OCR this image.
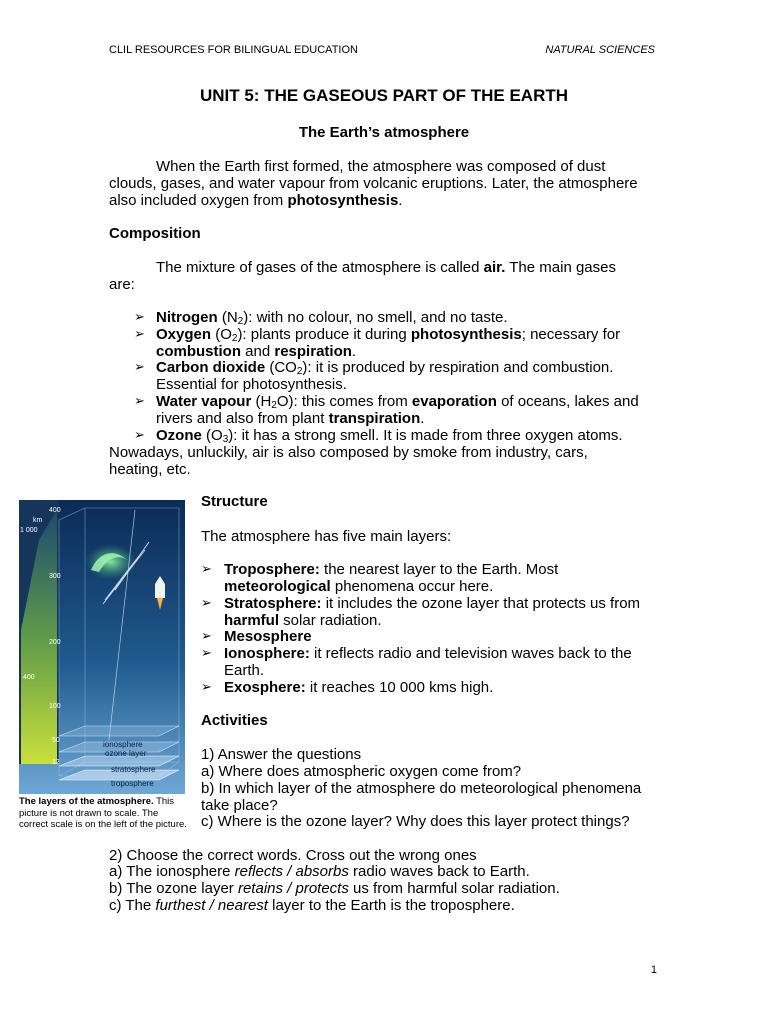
CLIL RESOURCES FOR BILINGUAL EDUCATION	NATURAL SCIENCES
UNIT 5: THE GASEOUS PART OF THE EARTH
The Earth’s atmosphere
When the Earth first formed, the atmosphere was composed of dust
clouds, gases, and water vapour from volcanic eruptions. Later, the atmosphere
also included oxygen from photosynthesis.
Composition
The mixture of gases of the atmosphere is called air. The main gases
are:
➢ Nitrogen $(N_2)$: with no colour, no smell, and no taste.
➢ Oxygen $(O_2)$: plants produce it during photosynthesis; necessary for
combustion and respiration.
➢ Carbon dioxide $(CO_2)$: it is produced by respiration and combustion.
Essential for photosynthesis.
➢ Water vapour $(H_2O)$: this comes from evaporation of oceans, lakes and
rivers and also from plant transpiration.
➢ Ozone $(O_3)$: it has a strong smell. It is made from three oxygen atoms.
Nowadays, unluckily, air is also composed by smoke from industry, cars,
heating, etc.
400
km
1 000
300
200
400
100
50
12
ionosphere
ozone layer
stratosphere
troposphere
The layers of the atmosphere. This picture is not drawn to scale. The correct scale is on the left of the picture.
Structure
The atmosphere has five main layers:
➢ Troposphere: the nearest layer to the Earth. Most
meteorological phenomena occur here.
➢ Stratosphere: it includes the ozone layer that protects us from
harmful solar radiation.
➢ Mesosphere
➢ Ionosphere: it reflects radio and television waves back to the
Earth.
➢ Exosphere: it reaches 10 000 kms high.
Activities
1) Answer the questions
a) Where does atmospheric oxygen come from?
b) In which layer of the atmosphere do meteorological phenomena
take place?
c) Where is the ozone layer? Why does this layer protect things?
2) Choose the correct words. Cross out the wrong ones
a) The ionosphere reflects / absorbs radio waves back to Earth.
b) The ozone layer retains / protects us from harmful solar radiation.
c) The furthest / nearest layer to the Earth is the troposphere.
1
